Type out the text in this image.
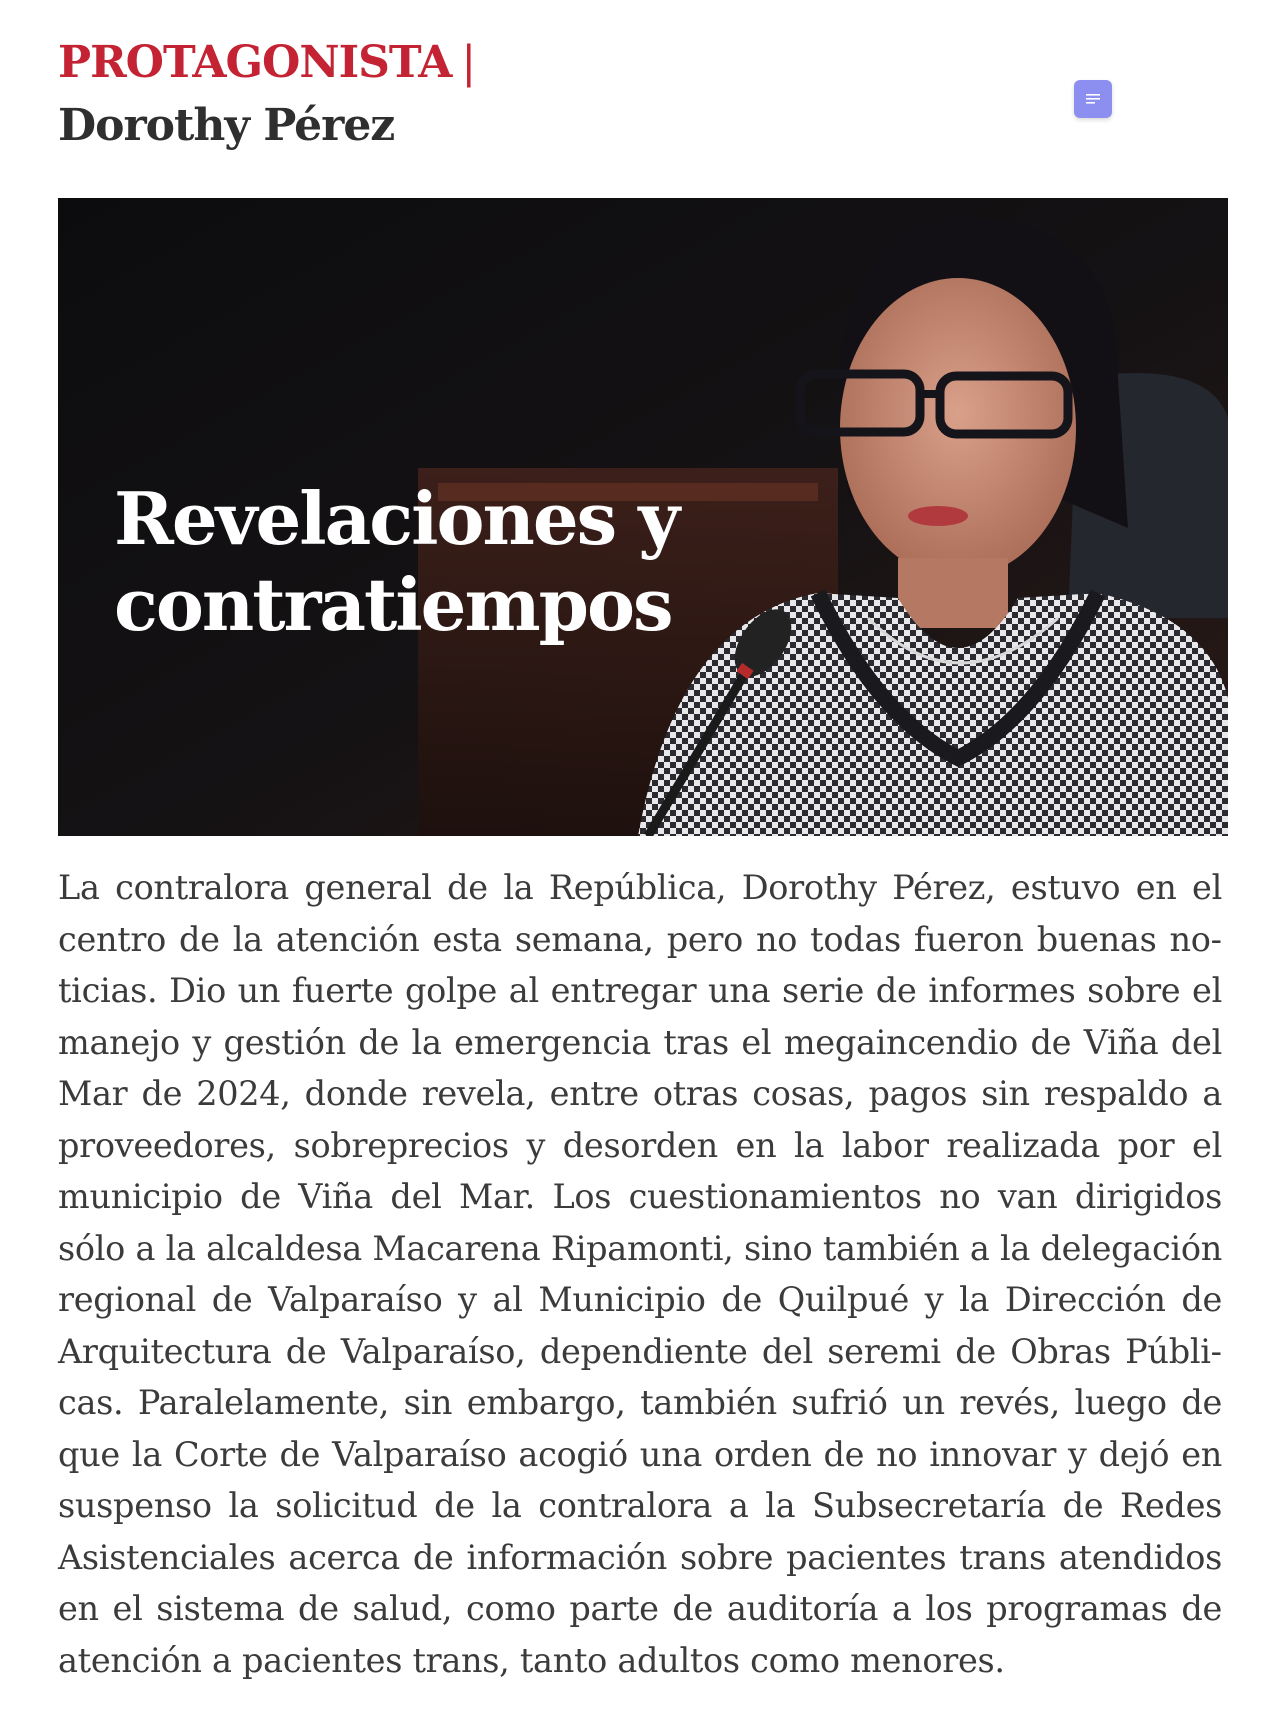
PROTAGONISTA |
Dorothy Pérez
Revelaciones y
contratiempos
La contralora general de la República, Dorothy Pérez, estuvo en el centro de la atención esta semana, pero no todas fueron buenas noticias. Dio un fuerte golpe al entregar una serie de informes sobre el manejo y gestión de la emergencia tras el megaincendio de Viña del Mar de 2024, donde revela, entre otras cosas, pagos sin respaldo a proveedores, sobreprecios y desorden en la labor realizada por el municipio de Viña del Mar. Los cuestionamientos no van dirigidos sólo a la alcaldesa Macarena Ripamonti, sino también a la delegación regional de Valparaíso y al Municipio de Quilpué y la Dirección de Arquitectura de Valparaíso, dependiente del seremi de Obras Públicas. Paralelamente, sin embargo, también sufrió un revés, luego de que la Corte de Valparaíso acogió una orden de no innovar y dejó en suspenso la solicitud de la contralora a la Subsecretaría de Redes Asistenciales acerca de información sobre pacientes trans atendidos en el sistema de salud, como parte de auditoría a los programas de atención a pacientes trans, tanto adultos como menores.
